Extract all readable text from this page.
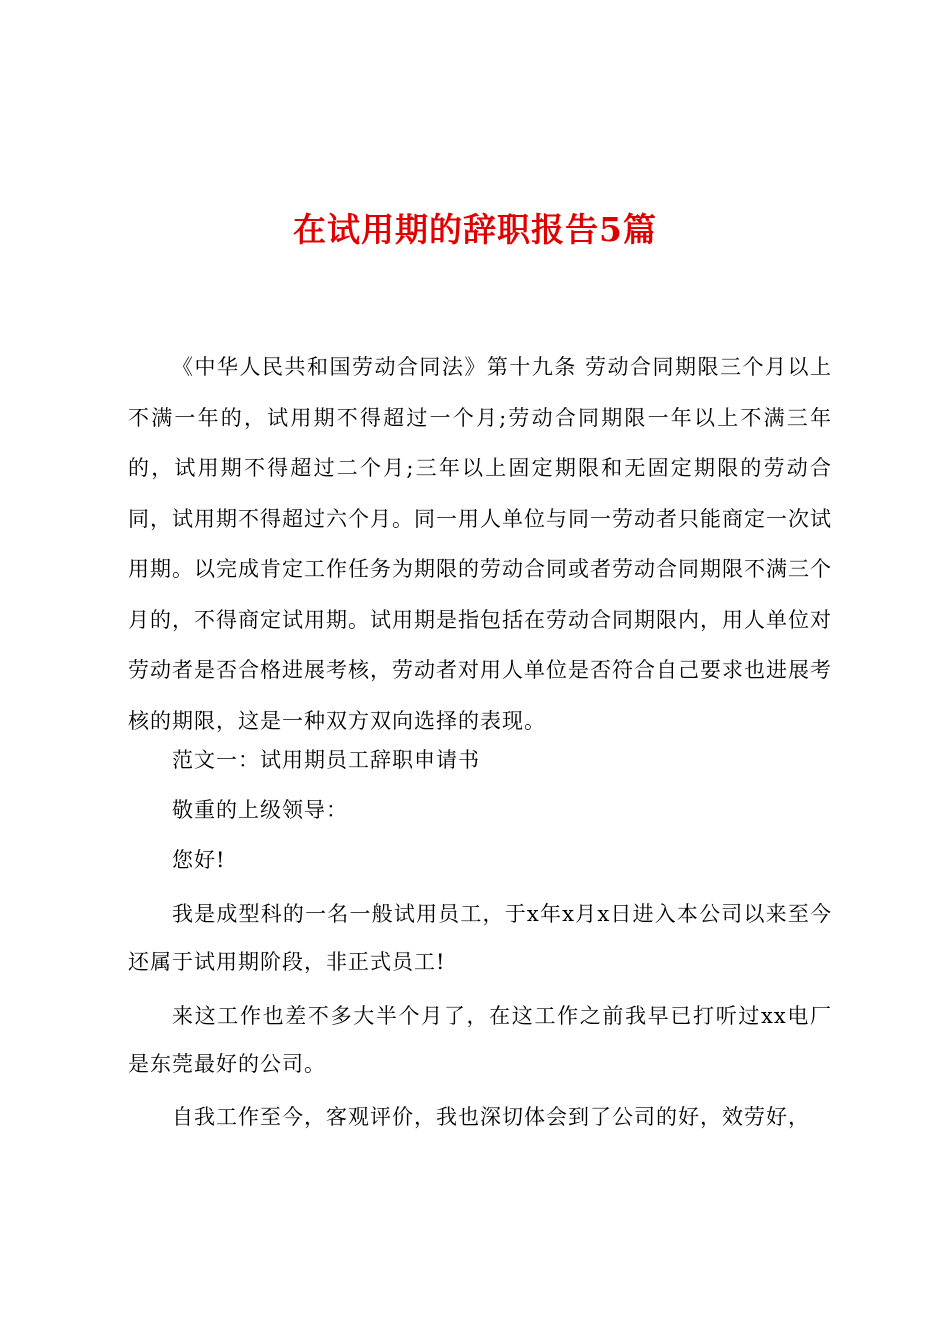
在试用期的辞职报告5篇

《中华人民共和国劳动合同法》第十九条 劳动合同期限三个月以上不满一年的，试用期不得超过一个月;劳动合同期限一年以上不满三年的，试用期不得超过二个月;三年以上固定期限和无固定期限的劳动合同，试用期不得超过六个月。同一用人单位与同一劳动者只能商定一次试用期。以完成肯定工作任务为期限的劳动合同或者劳动合同期限不满三个月的，不得商定试用期。试用期是指包括在劳动合同期限内，用人单位对劳动者是否合格进展考核，劳动者对用人单位是否符合自己要求也进展考核的期限，这是一种双方双向选择的表现。

范文一：试用期员工辞职申请书

敬重的上级领导：

您好!

我是成型科的一名一般试用员工，于x年x月x日进入本公司以来至今还属于试用期阶段，非正式员工!

来这工作也差不多大半个月了，在这工作之前我早已打听过xx电厂是东莞最好的公司。

自我工作至今，客观评价，我也深切体会到了公司的好，效劳好，
